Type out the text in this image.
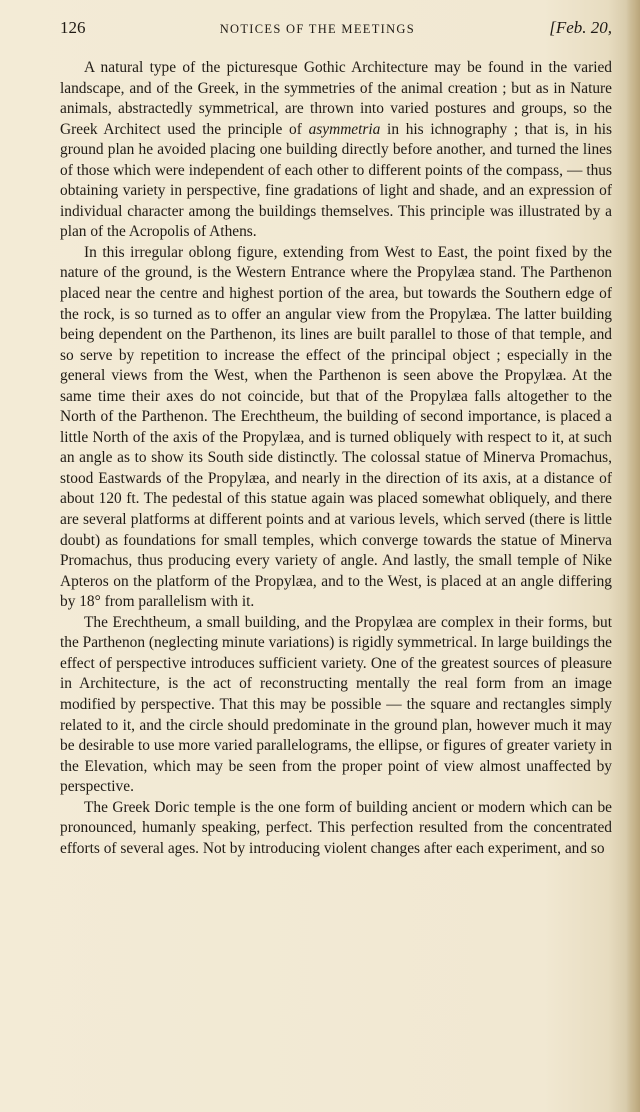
126	NOTICES OF THE MEETINGS	[Feb. 20,

A natural type of the picturesque Gothic Architecture may be found in the varied landscape, and of the Greek, in the symmetries of the animal creation ; but as in Nature animals, abstractedly symmetrical, are thrown into varied postures and groups, so the Greek Architect used the principle of asymmetria in his ichnography ; that is, in his ground plan he avoided placing one building directly before another, and turned the lines of those which were independent of each other to different points of the compass, — thus obtaining variety in perspective, fine gradations of light and shade, and an expression of individual character among the buildings themselves. This principle was illustrated by a plan of the Acropolis of Athens.

In this irregular oblong figure, extending from West to East, the point fixed by the nature of the ground, is the Western Entrance where the Propylæa stand. The Parthenon placed near the centre and highest portion of the area, but towards the Southern edge of the rock, is so turned as to offer an angular view from the Propylæa. The latter building being dependent on the Parthenon, its lines are built parallel to those of that temple, and so serve by repetition to increase the effect of the principal object ; especially in the general views from the West, when the Parthenon is seen above the Propylæa. At the same time their axes do not coincide, but that of the Propylæa falls altogether to the North of the Parthenon. The Erechtheum, the building of second importance, is placed a little North of the axis of the Propylæa, and is turned obliquely with respect to it, at such an angle as to show its South side distinctly. The colossal statue of Minerva Promachus, stood Eastwards of the Propylæa, and nearly in the direction of its axis, at a distance of about 120 ft. The pedestal of this statue again was placed somewhat obliquely, and there are several platforms at different points and at various levels, which served (there is little doubt) as foundations for small temples, which converge towards the statue of Minerva Promachus, thus producing every variety of angle. And lastly, the small temple of Nike Apteros on the platform of the Propylæa, and to the West, is placed at an angle differing by 18° from parallelism with it.

The Erechtheum, a small building, and the Propylæa are complex in their forms, but the Parthenon (neglecting minute variations) is rigidly symmetrical. In large buildings the effect of perspective introduces sufficient variety. One of the greatest sources of pleasure in Architecture, is the act of reconstructing mentally the real form from an image modified by perspective. That this may be possible — the square and rectangles simply related to it, and the circle should predominate in the ground plan, however much it may be desirable to use more varied parallelograms, the ellipse, or figures of greater variety in the Elevation, which may be seen from the proper point of view almost unaffected by perspective.

The Greek Doric temple is the one form of building ancient or modern which can be pronounced, humanly speaking, perfect. This perfection resulted from the concentrated efforts of several ages. Not by introducing violent changes after each experiment, and so
